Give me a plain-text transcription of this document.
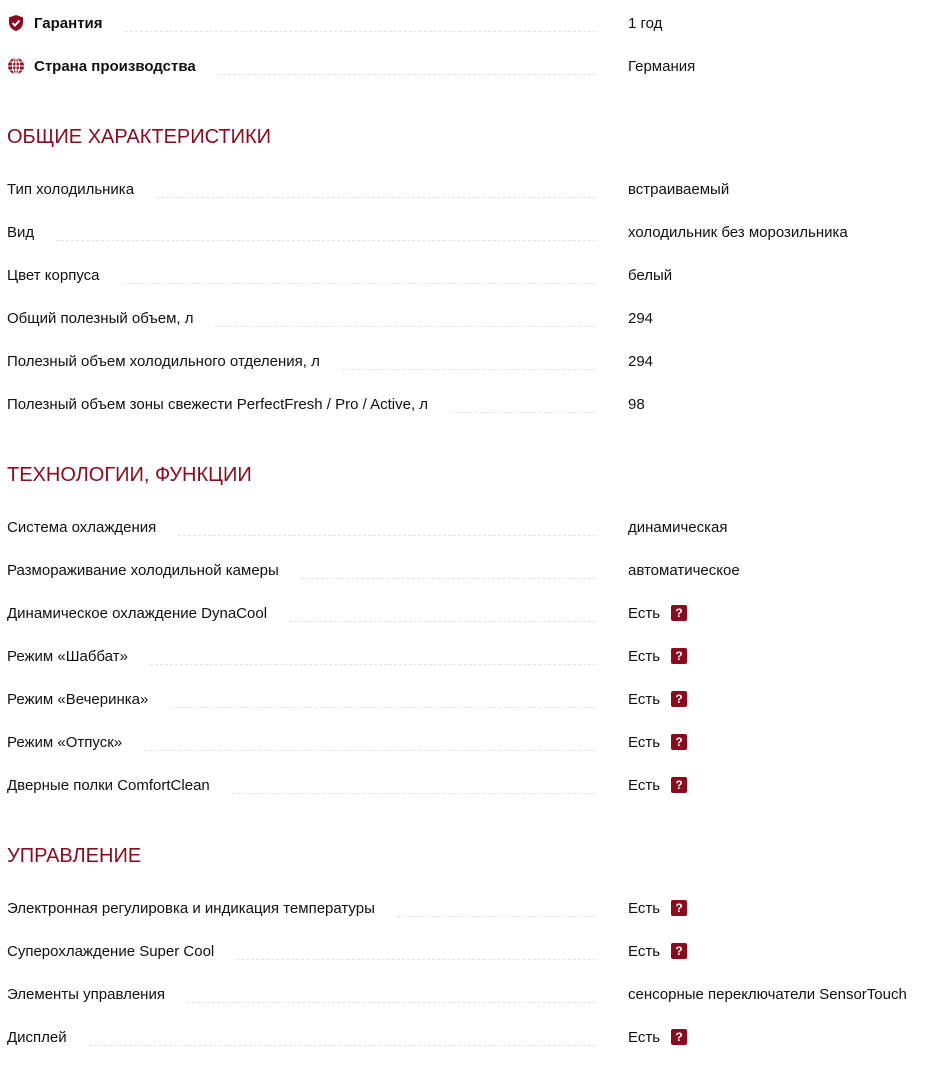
Гарантия	1 год
Страна производства	Германия
ОБЩИЕ ХАРАКТЕРИСТИКИ
Тип холодильника	встраиваемый
Вид	холодильник без морозильника
Цвет корпуса	белый
Общий полезный объем, л	294
Полезный объем холодильного отделения, л	294
Полезный объем зоны свежести PerfectFresh / Pro / Active, л	98
ТЕХНОЛОГИИ, ФУНКЦИИ
Система охлаждения	динамическая
Размораживание холодильной камеры	автоматическое
Динамическое охлаждение DynaCool	Есть	?
Режим «Шаббат»	Есть	?
Режим «Вечеринка»	Есть	?
Режим «Отпуск»	Есть	?
Дверные полки ComfortClean	Есть	?
УПРАВЛЕНИЕ
Электронная регулировка и индикация температуры	Есть	?
Суперохлаждение Super Cool	Есть	?
Элементы управления	сенсорные переключатели SensorTouch
Дисплей	Есть	?
